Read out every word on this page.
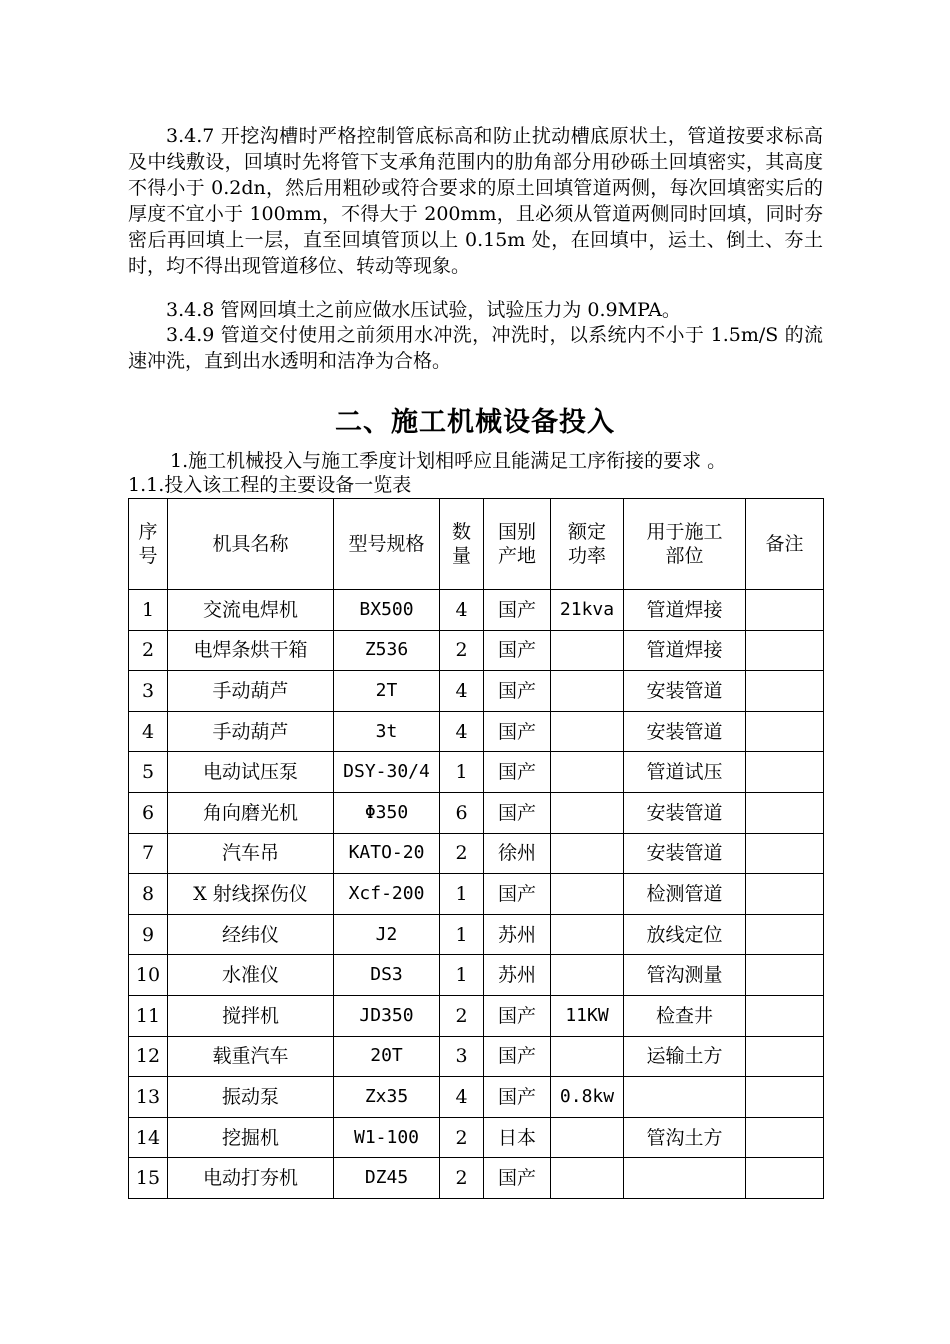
3.4.7 开挖沟槽时严格控制管底标高和防止扰动槽底原状土，管道按要求标高及中线敷设，回填时先将管下支承角范围内的肋角部分用砂砾土回填密实，其高度不得小于 0.2dn，然后用粗砂或符合要求的原土回填管道两侧，每次回填密实后的厚度不宜小于 100mm，不得大于 200mm，且必须从管道两侧同时回填，同时夯密后再回填上一层，直至回填管顶以上 0.15m 处，在回填中，运土、倒土、夯土时，均不得出现管道移位、转动等现象。
3.4.8 管网回填土之前应做水压试验，试验压力为 0.9MPA。
3.4.9 管道交付使用之前须用水冲洗，冲洗时，以系统内不小于 1.5m/S 的流速冲洗，直到出水透明和洁净为合格。
二、施工机械设备投入
1.施工机械投入与施工季度计划相呼应且能满足工序衔接的要求 。
1.1.投入该工程的主要设备一览表
序号	机具名称	型号规格	数量	国别产地	额定功率	用于施工部位	备注
1	交流电焊机	BX500	4	国产	21kva	管道焊接	
2	电焊条烘干箱	Z536	2	国产		管道焊接	
3	手动葫芦	2T	4	国产		安装管道	
4	手动葫芦	3t	4	国产		安装管道	
5	电动试压泵	DSY-30/4	1	国产		管道试压	
6	角向磨光机	Φ350	6	国产		安装管道	
7	汽车吊	KATO-20	2	徐州		安装管道	
8	X 射线探伤仪	Xcf-200	1	国产		检测管道	
9	经纬仪	J2	1	苏州		放线定位	
10	水准仪	DS3	1	苏州		管沟测量	
11	搅拌机	JD350	2	国产	11KW	检查井	
12	载重汽车	20T	3	国产		运输土方	
13	振动泵	Zx35	4	国产	0.8kw		
14	挖掘机	W1-100	2	日本		管沟土方	
15	电动打夯机	DZ45	2	国产			
